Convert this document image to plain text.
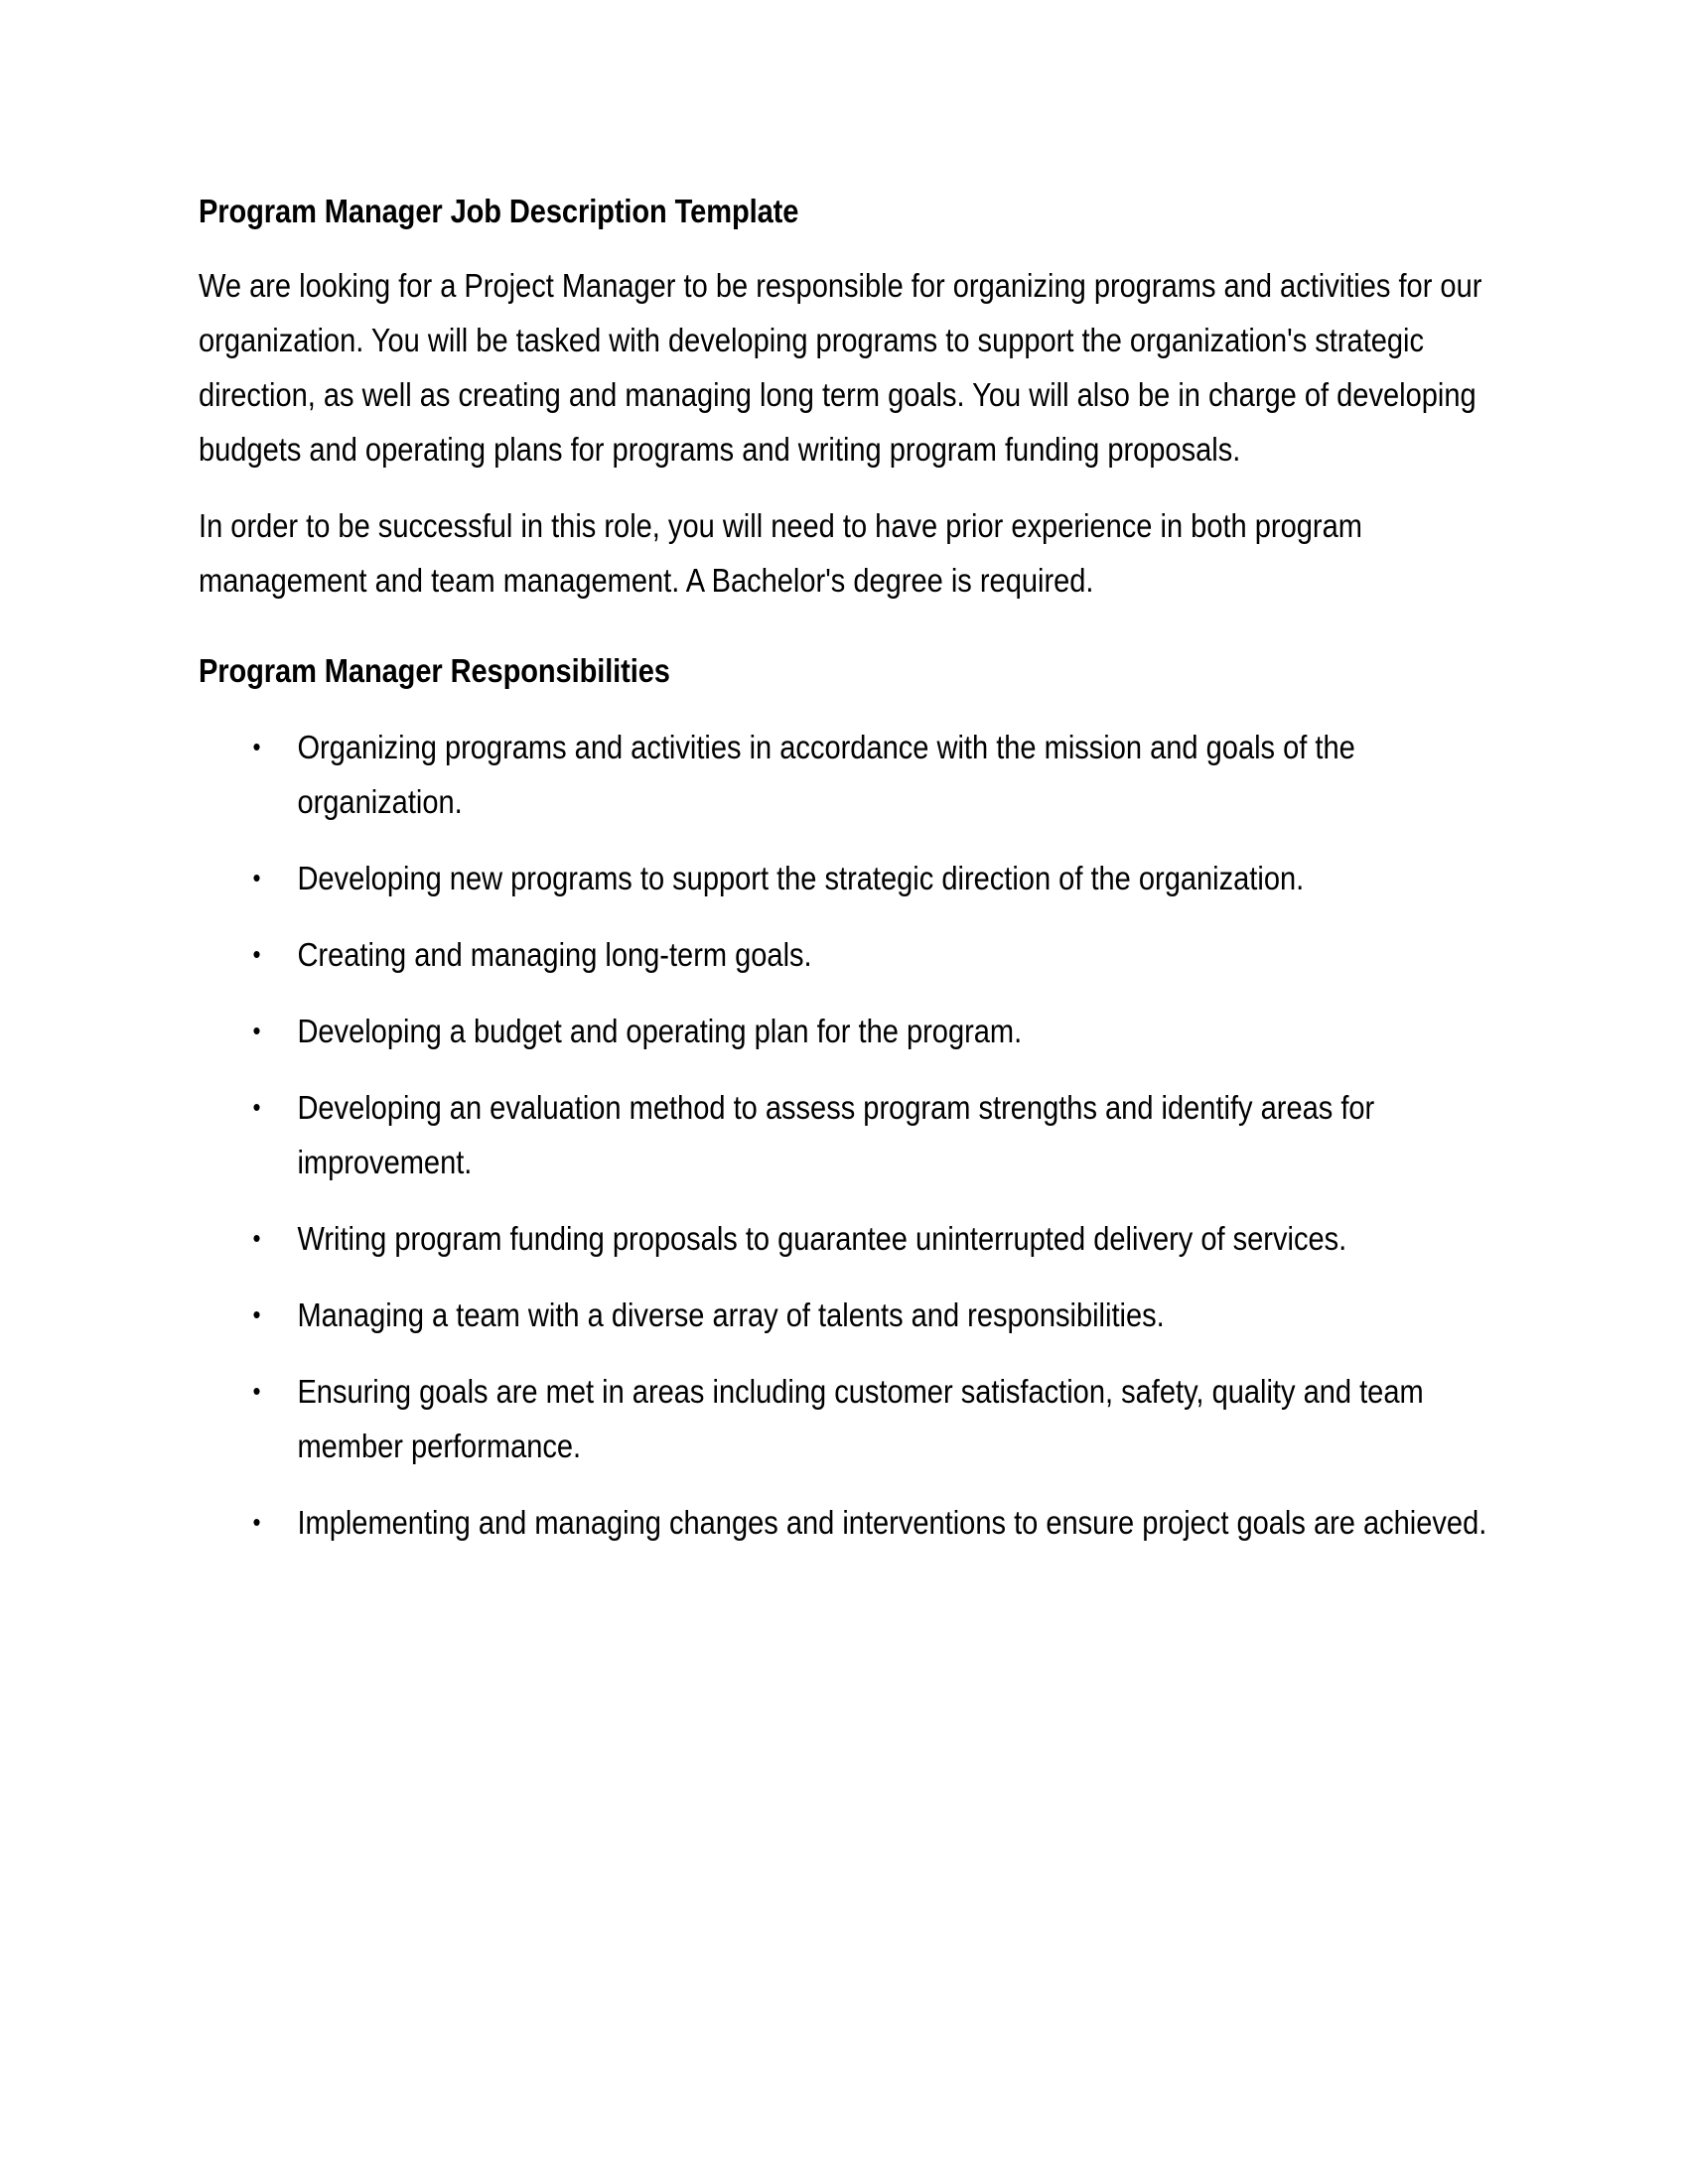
Program Manager Job Description Template

We are looking for a Project Manager to be responsible for organizing programs and activities for our organization. You will be tasked with developing programs to support the organization's strategic direction, as well as creating and managing long term goals. You will also be in charge of developing budgets and operating plans for programs and writing program funding proposals.

In order to be successful in this role, you will need to have prior experience in both program management and team management. A Bachelor's degree is required.

Program Manager Responsibilities
• Organizing programs and activities in accordance with the mission and goals of the organization.
• Developing new programs to support the strategic direction of the organization.
• Creating and managing long-term goals.
• Developing a budget and operating plan for the program.
• Developing an evaluation method to assess program strengths and identify areas for improvement.
• Writing program funding proposals to guarantee uninterrupted delivery of services.
• Managing a team with a diverse array of talents and responsibilities.
• Ensuring goals are met in areas including customer satisfaction, safety, quality and team member performance.
• Implementing and managing changes and interventions to ensure project goals are achieved.
